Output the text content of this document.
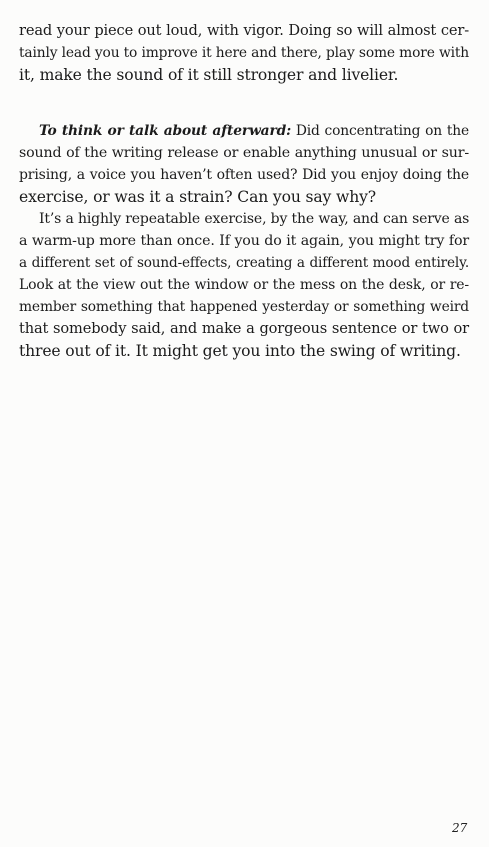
read your piece out loud, with vigor. Doing so will almost cer-
tainly lead you to improve it here and there, play some more with
it, make the sound of it still stronger and livelier.
To think or talk about afterward: Did concentrating on the
sound of the writing release or enable anything unusual or sur-
prising, a voice you haven’t often used? Did you enjoy doing the
exercise, or was it a strain? Can you say why?
It’s a highly repeatable exercise, by the way, and can serve as
a warm-up more than once. If you do it again, you might try for
a different set of sound-effects, creating a different mood entirely.
Look at the view out the window or the mess on the desk, or re-
member something that happened yesterday or something weird
that somebody said, and make a gorgeous sentence or two or
three out of it. It might get you into the swing of writing.
27
